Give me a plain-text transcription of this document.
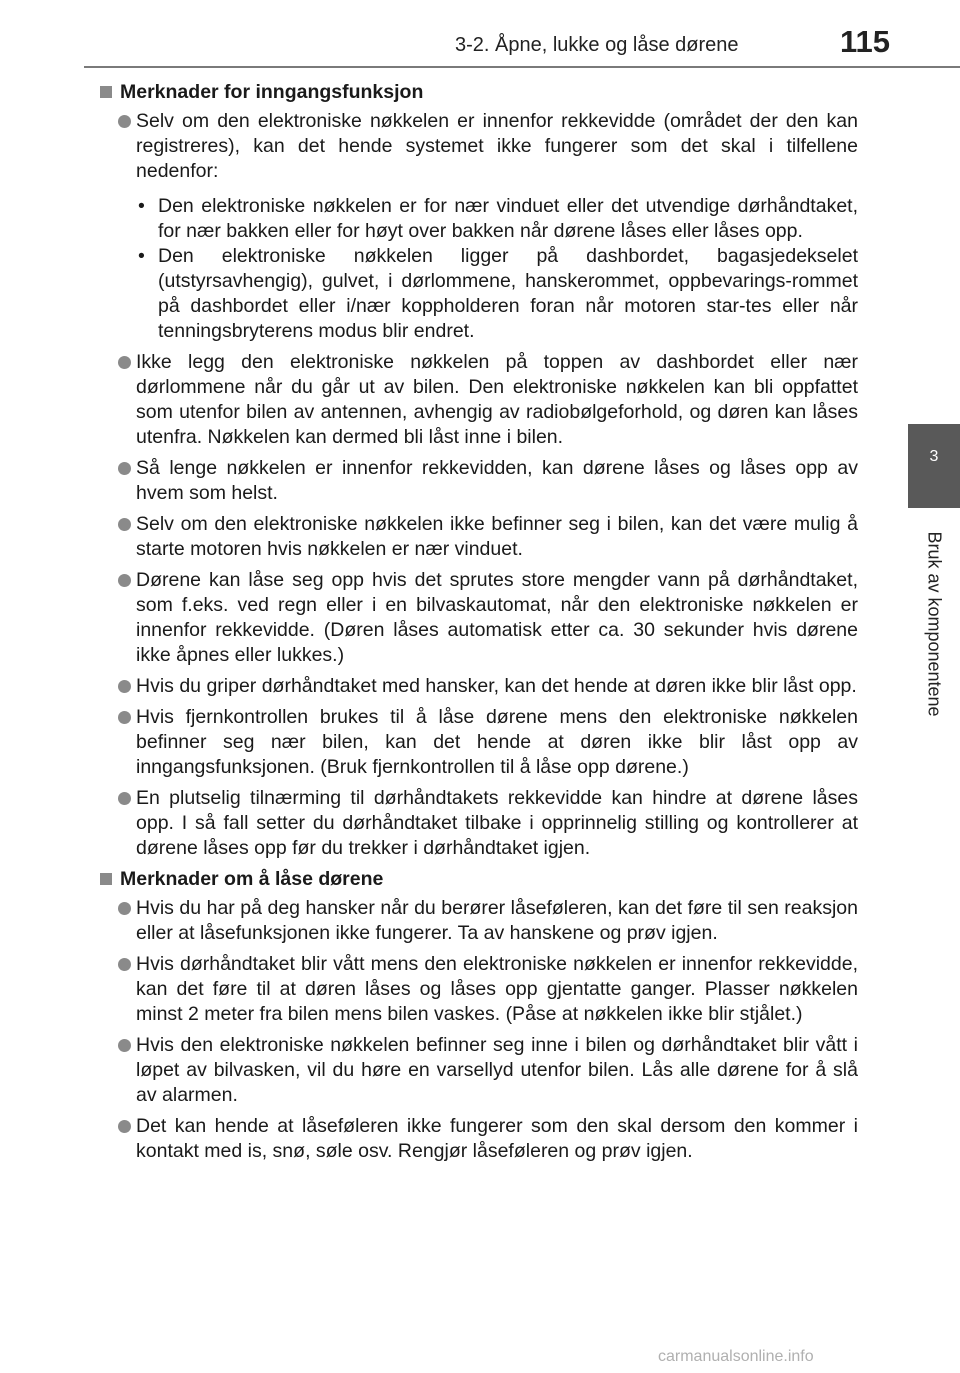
3-2. Åpne, lukke og låse dørene	115
3
Bruk av komponentene
Merknader for inngangsfunksjon
Selv om den elektroniske nøkkelen er innenfor rekkevidde (området der den kan registreres), kan det hende systemet ikke fungerer som det skal i tilfellene nedenfor:
• Den elektroniske nøkkelen er for nær vinduet eller det utvendige dørhåndtaket, for nær bakken eller for høyt over bakken når dørene låses eller låses opp.
• Den elektroniske nøkkelen ligger på dashbordet, bagasjedekselet (utstyrsavhengig), gulvet, i dørlommene, hanskerommet, oppbevarings-rommet på dashbordet eller i/nær koppholderen foran når motoren star-tes eller når tenningsbryterens modus blir endret.
Ikke legg den elektroniske nøkkelen på toppen av dashbordet eller nær dørlommene når du går ut av bilen. Den elektroniske nøkkelen kan bli oppfattet som utenfor bilen av antennen, avhengig av radiobølgeforhold, og døren kan låses utenfra. Nøkkelen kan dermed bli låst inne i bilen.
Så lenge nøkkelen er innenfor rekkevidden, kan dørene låses og låses opp av hvem som helst.
Selv om den elektroniske nøkkelen ikke befinner seg i bilen, kan det være mulig å starte motoren hvis nøkkelen er nær vinduet.
Dørene kan låse seg opp hvis det sprutes store mengder vann på dørhåndtaket, som f.eks. ved regn eller i en bilvaskautomat, når den elektroniske nøkkelen er innenfor rekkevidde. (Døren låses automatisk etter ca. 30 sekunder hvis dørene ikke åpnes eller lukkes.)
Hvis du griper dørhåndtaket med hansker, kan det hende at døren ikke blir låst opp.
Hvis fjernkontrollen brukes til å låse dørene mens den elektroniske nøkkelen befinner seg nær bilen, kan det hende at døren ikke blir låst opp av inngangsfunksjonen. (Bruk fjernkontrollen til å låse opp dørene.)
En plutselig tilnærming til dørhåndtakets rekkevidde kan hindre at dørene låses opp. I så fall setter du dørhåndtaket tilbake i opprinnelig stilling og kontrollerer at dørene låses opp før du trekker i dørhåndtaket igjen.
Merknader om å låse dørene
Hvis du har på deg hansker når du berører låseføleren, kan det føre til sen reaksjon eller at låsefunksjonen ikke fungerer. Ta av hanskene og prøv igjen.
Hvis dørhåndtaket blir vått mens den elektroniske nøkkelen er innenfor rekkevidde, kan det føre til at døren låses og låses opp gjentatte ganger. Plasser nøkkelen minst 2 meter fra bilen mens bilen vaskes. (Påse at nøkkelen ikke blir stjålet.)
Hvis den elektroniske nøkkelen befinner seg inne i bilen og dørhåndtaket blir vått i løpet av bilvasken, vil du høre en varsellyd utenfor bilen. Lås alle dørene for å slå av alarmen.
Det kan hende at låseføleren ikke fungerer som den skal dersom den kommer i kontakt med is, snø, søle osv. Rengjør låseføleren og prøv igjen.
carmanualsonline.info
